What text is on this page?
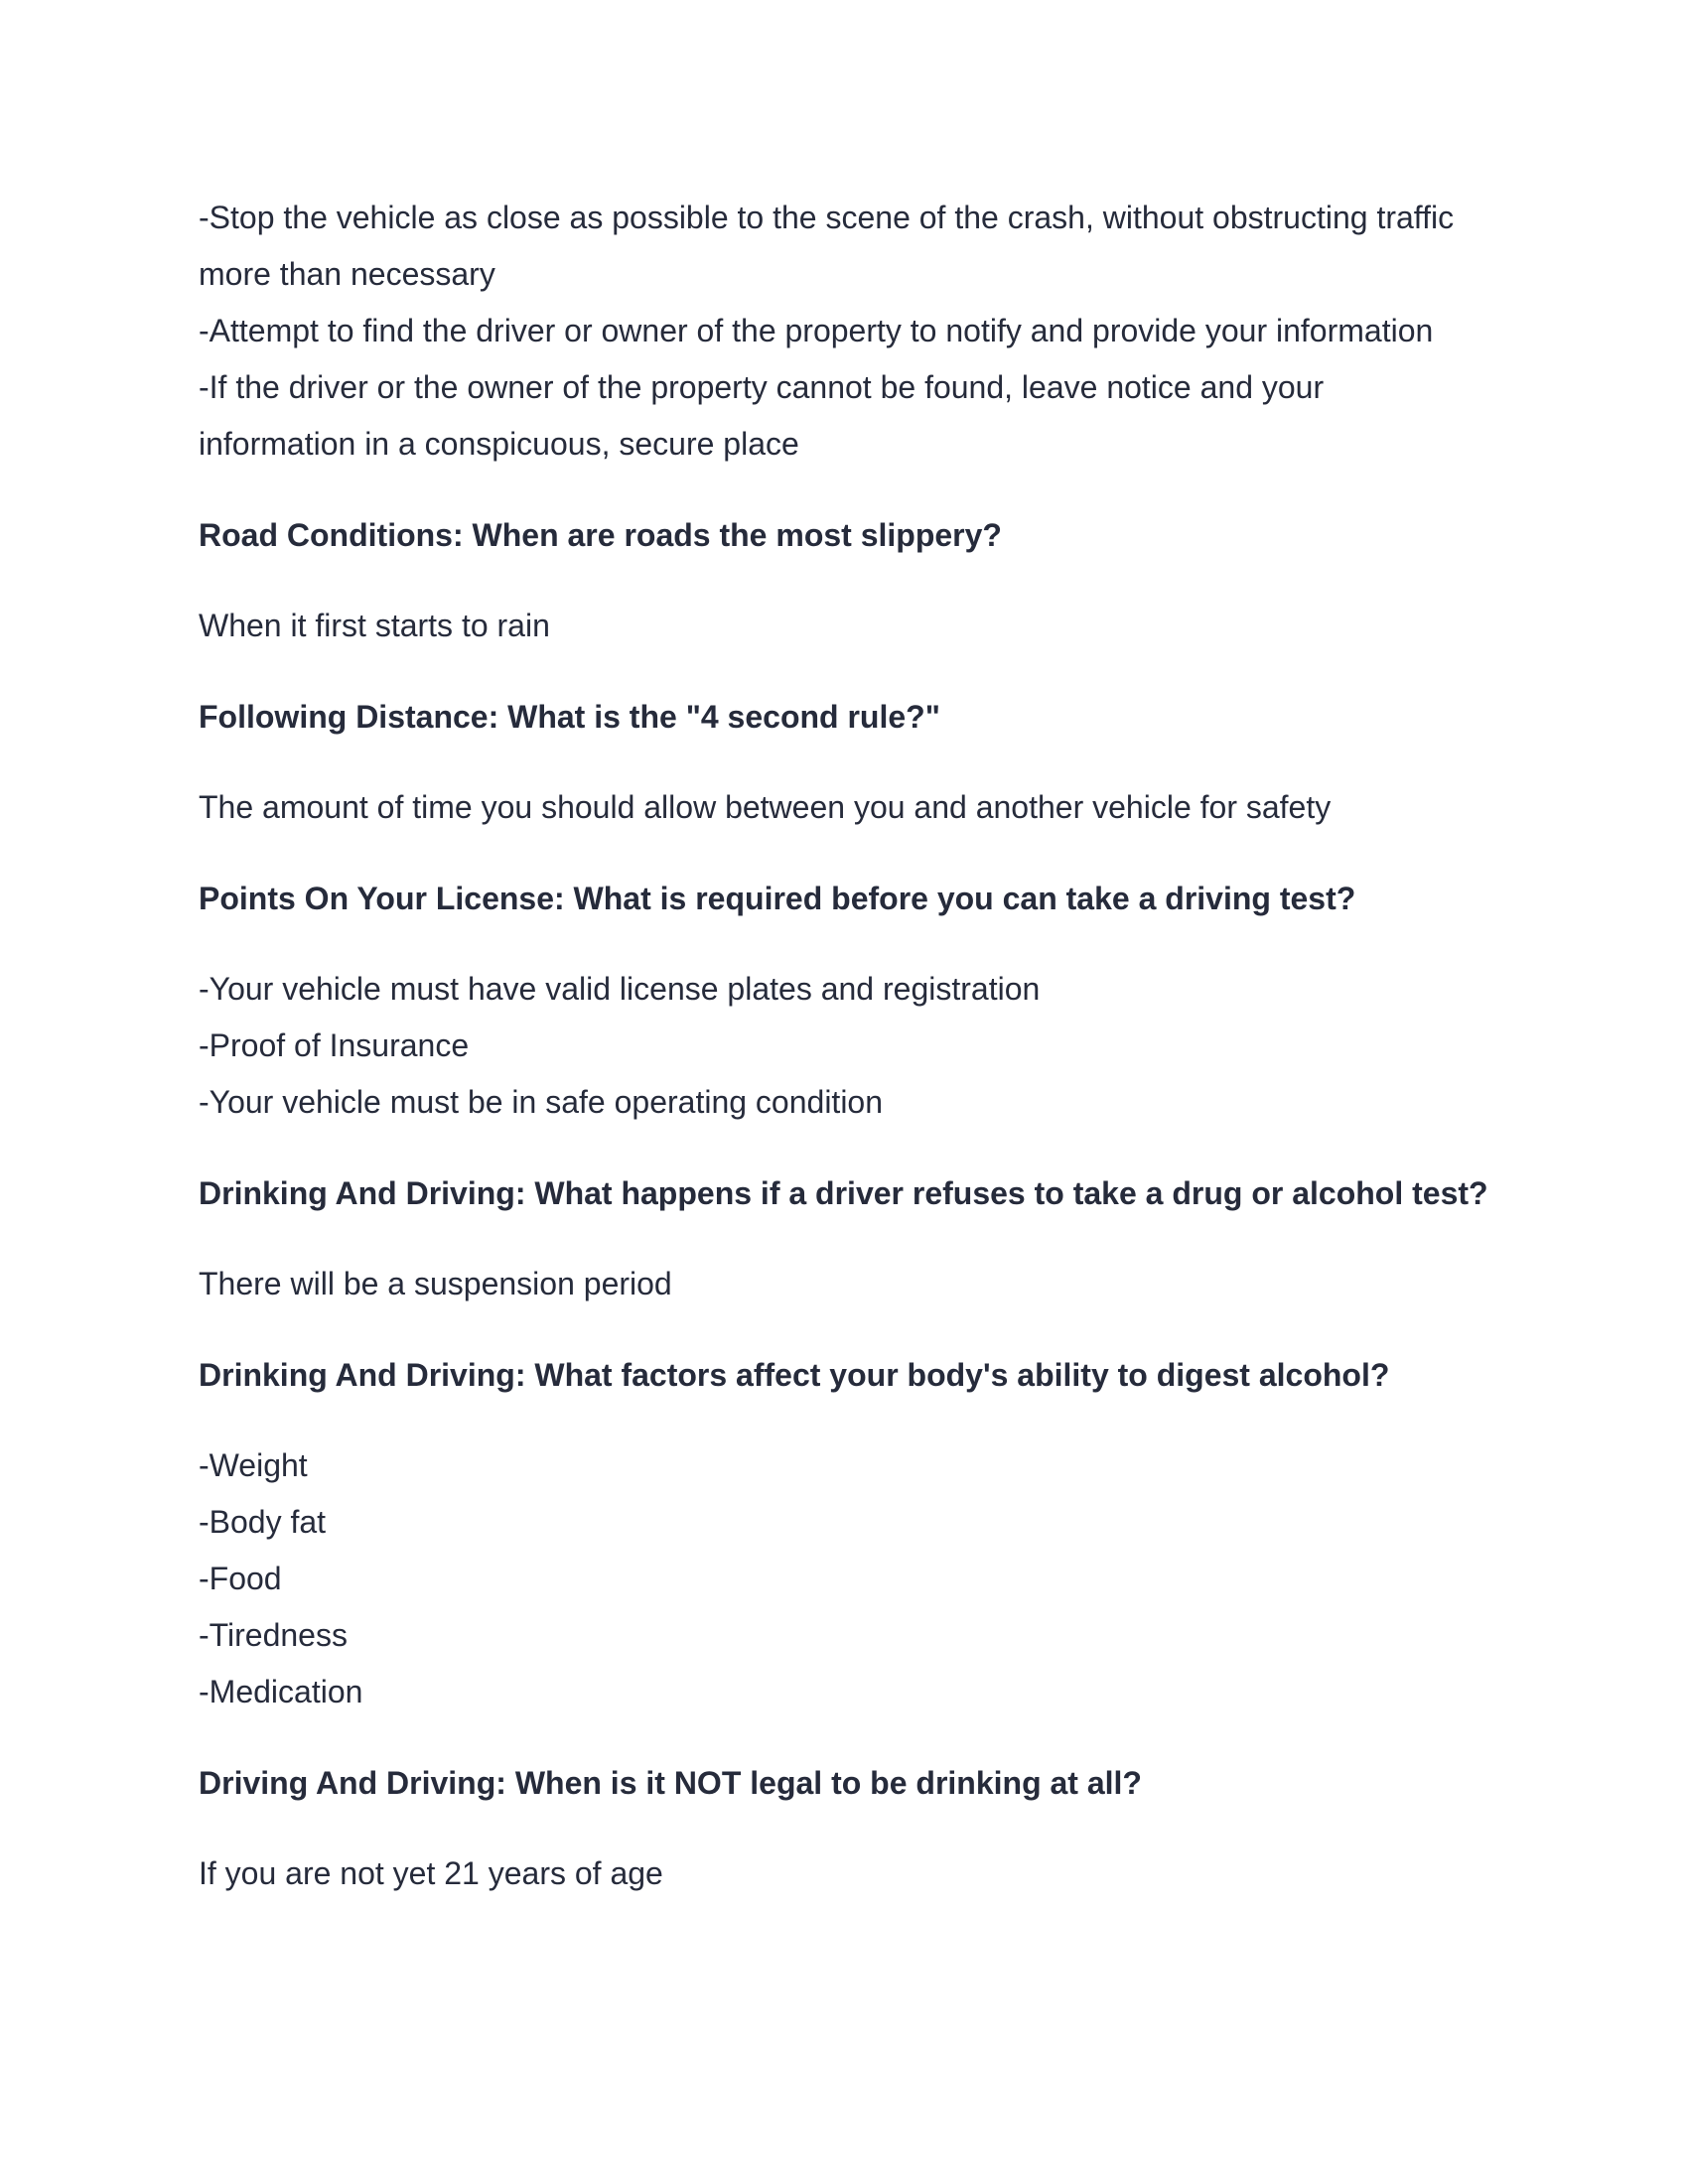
-Stop the vehicle as close as possible to the scene of the crash, without obstructing traffic more than necessary
-Attempt to find the driver or owner of the property to notify and provide your information
-If the driver or the owner of the property cannot be found, leave notice and your information in a conspicuous, secure place
Road Conditions: When are roads the most slippery?
When it first starts to rain
Following Distance: What is the "4 second rule?"
The amount of time you should allow between you and another vehicle for safety
Points On Your License: What is required before you can take a driving test?
-Your vehicle must have valid license plates and registration
-Proof of Insurance
-Your vehicle must be in safe operating condition
Drinking And Driving: What happens if a driver refuses to take a drug or alcohol test?
There will be a suspension period
Drinking And Driving: What factors affect your body's ability to digest alcohol?
-Weight
-Body fat
-Food
-Tiredness
-Medication
Driving And Driving: When is it NOT legal to be drinking at all?
If you are not yet 21 years of age
